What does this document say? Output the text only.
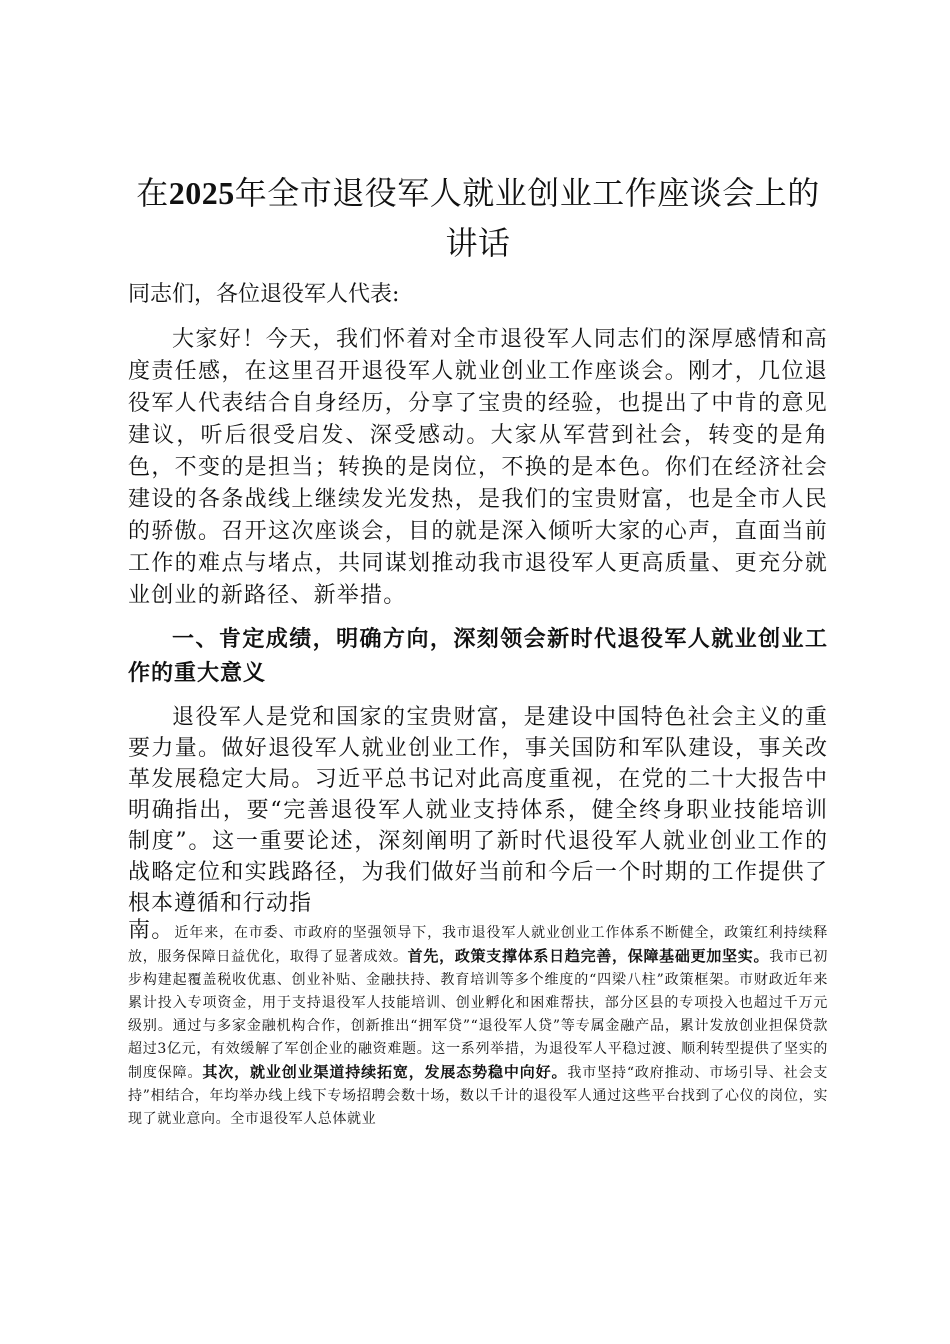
在2025年全市退役军人就业创业工作座谈会上的讲话

同志们，各位退役军人代表:

大家好！今天，我们怀着对全市退役军人同志们的深厚感情和高度责任感，在这里召开退役军人就业创业工作座谈会。刚才，几位退役军人代表结合自身经历，分享了宝贵的经验，也提出了中肯的意见建议，听后很受启发、深受感动。大家从军营到社会，转变的是角色，不变的是担当；转换的是岗位，不换的是本色。你们在经济社会建设的各条战线上继续发光发热，是我们的宝贵财富，也是全市人民的骄傲。召开这次座谈会，目的就是深入倾听大家的心声，直面当前工作的难点与堵点，共同谋划推动我市退役军人更高质量、更充分就业创业的新路径、新举措。

一、肯定成绩，明确方向，深刻领会新时代退役军人就业创业工作的重大意义

退役军人是党和国家的宝贵财富，是建设中国特色社会主义的重要力量。做好退役军人就业创业工作，事关国防和军队建设，事关改革发展稳定大局。习近平总书记对此高度重视，在党的二十大报告中明确指出，要“完善退役军人就业支持体系，健全终身职业技能培训制度”。这一重要论述，深刻阐明了新时代退役军人就业创业工作的战略定位和实践路径，为我们做好当前和今后一个时期的工作提供了根本遵循和行动指

南。近年来，在市委、市政府的坚强领导下，我市退役军人就业创业工作体系不断健全，政策红利持续释放，服务保障日益优化，取得了显著成效。首先，政策支撑体系日趋完善，保障基础更加坚实。我市已初步构建起覆盖税收优惠、创业补贴、金融扶持、教育培训等多个维度的“四梁八柱”政策框架。市财政近年来累计投入专项资金，用于支持退役军人技能培训、创业孵化和困难帮扶，部分区县的专项投入也超过千万元级别。通过与多家金融机构合作，创新推出“拥军贷”“退役军人贷”等专属金融产品，累计发放创业担保贷款超过3亿元，有效缓解了军创企业的融资难题。这一系列举措，为退役军人平稳过渡、顺利转型提供了坚实的制度保障。其次，就业创业渠道持续拓宽，发展态势稳中向好。我市坚持“政府推动、市场引导、社会支持”相结合，年均举办线上线下专场招聘会数十场，数以千计的退役军人通过这些平台找到了心仪的岗位，实现了就业意向。全市退役军人总体就业
